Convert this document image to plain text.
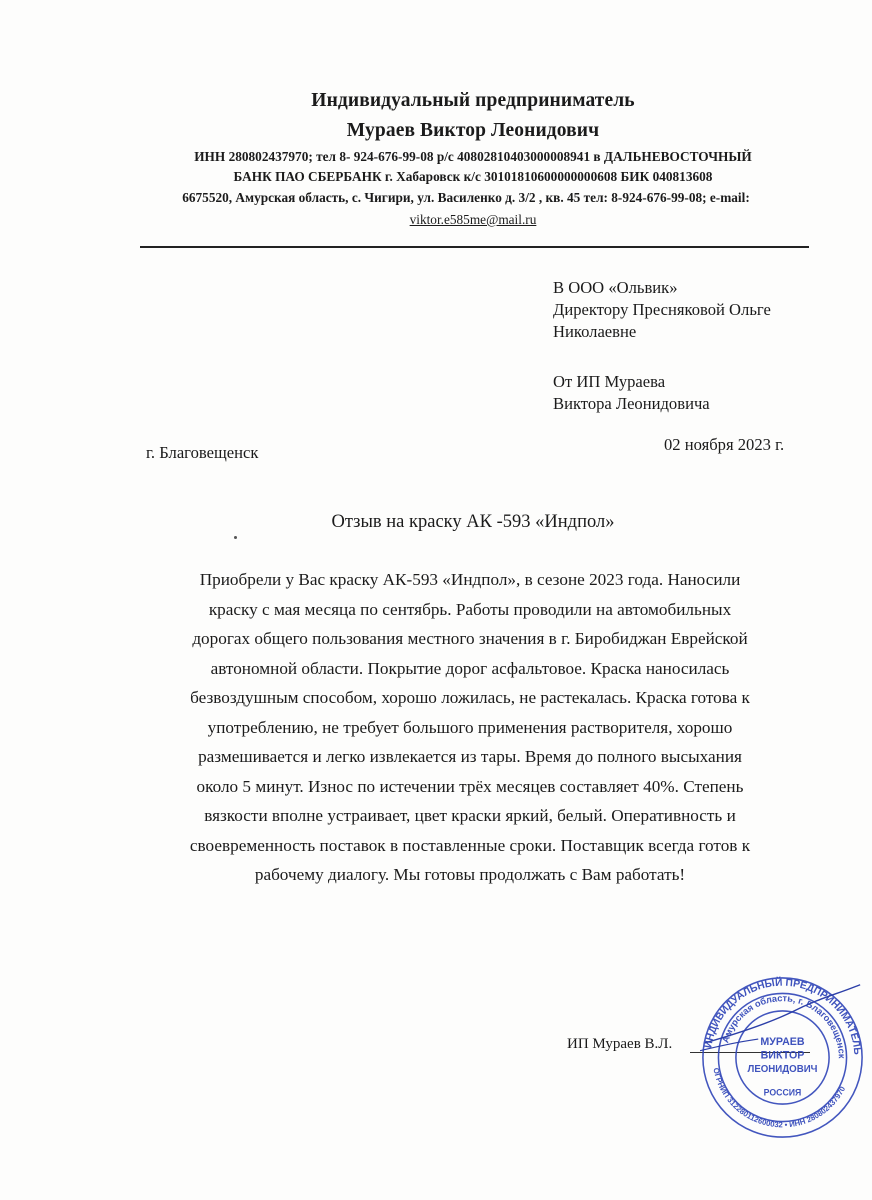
Индивидуальный предприниматель
Мураев Виктор Леонидович
ИНН 280802437970; тел 8- 924-676-99-08 р/с 40802810403000008941 в ДАЛЬНЕВОСТОЧНЫЙ
БАНК ПАО СБЕРБАНК г. Хабаровск к/с 30101810600000000608 БИК 040813608
6675520, Амурская область, с. Чигири, ул. Василенко д. 3/2 , кв. 45 тел: 8-924-676-99-08; e-mail:
viktor.e585me@mail.ru
В ООО «Ольвик»
Директору Пресняковой Ольге
Николаевне
От ИП Мураева
Виктора Леонидовича
02 ноября 2023 г.
г. Благовещенск
Отзыв на краску АК -593 «Индпол»
Приобрели у Вас краску АК-593 «Индпол», в сезоне 2023 года. Наносили
краску с мая месяца по сентябрь. Работы проводили на автомобильных
дорогах общего пользования местного значения в г. Биробиджан Еврейской
автономной области. Покрытие дорог асфальтовое. Краска наносилась
безвоздушным способом, хорошо ложилась, не растекалась. Краска готова к
употреблению, не требует большого применения растворителя, хорошо
размешивается и легко извлекается из тары. Время до полного высыхания
около 5 минут. Износ по истечении трёх месяцев составляет 40%. Степень
вязкости вполне устраивает, цвет краски яркий, белый. Оперативность и
своевременность поставок в поставленные сроки. Поставщик всегда готов к
рабочему диалогу. Мы готовы продолжать с Вам работать!
ИП Мураев В.Л.	ИНДИВИДУАЛЬНЫЙ ПРЕДПРИНИМАТЕЛЬ
Амурская область, г. Благовещенск
ОГРНИП 312280112600032 • ИНН 280802437970
МУРАЕВ
ВИКТОР
ЛЕОНИДОВИЧ
РОССИЯ
